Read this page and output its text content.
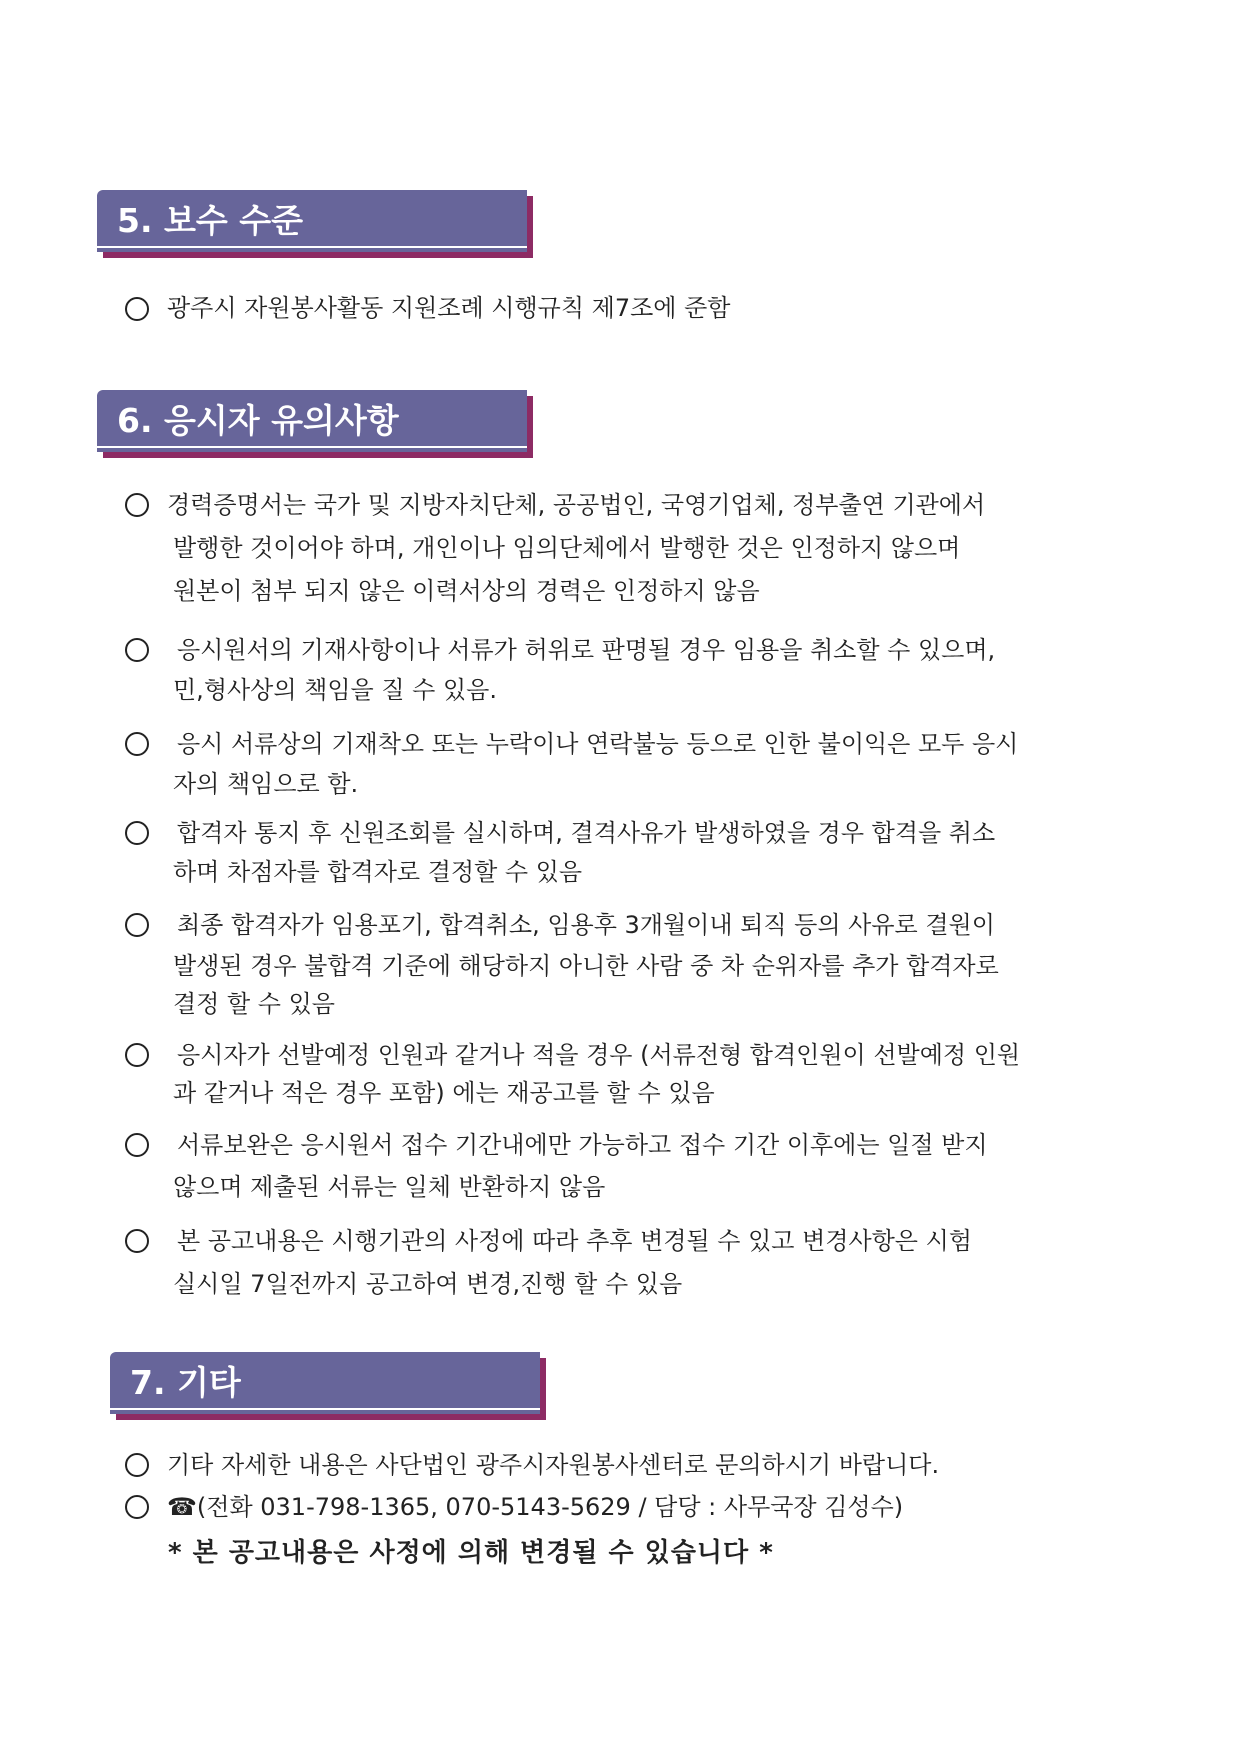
5. 보수 수준
광주시 자원봉사활동 지원조례 시행규칙 제7조에 준함
6. 응시자 유의사항
경력증명서는 국가 및 지방자치단체, 공공법인, 국영기업체, 정부출연 기관에서
발행한 것이어야 하며, 개인이나 임의단체에서 발행한 것은 인정하지 않으며
원본이 첨부 되지 않은 이력서상의 경력은 인정하지 않음
응시원서의 기재사항이나 서류가 허위로 판명될 경우 임용을 취소할 수 있으며,
민,형사상의 책임을 질 수 있음.
응시 서류상의 기재착오 또는 누락이나 연락불능 등으로 인한 불이익은 모두 응시
자의 책임으로 함.
합격자 통지 후 신원조회를 실시하며, 결격사유가 발생하였을 경우 합격을 취소
하며 차점자를 합격자로 결정할 수 있음
최종 합격자가 임용포기, 합격취소, 임용후 3개월이내 퇴직 등의 사유로 결원이
발생된 경우 불합격 기준에 해당하지 아니한 사람 중 차 순위자를 추가 합격자로
결정 할 수 있음
응시자가 선발예정 인원과 같거나 적을 경우 (서류전형 합격인원이 선발예정 인원
과 같거나 적은 경우 포함) 에는 재공고를 할 수 있음
서류보완은 응시원서 접수 기간내에만 가능하고 접수 기간 이후에는 일절 받지
않으며 제출된 서류는 일체 반환하지 않음
본 공고내용은 시행기관의 사정에 따라 추후 변경될 수 있고 변경사항은 시험
실시일 7일전까지 공고하여 변경,진행 할 수 있음
7. 기타
기타 자세한 내용은 사단법인 광주시자원봉사센터로 문의하시기 바랍니다.
☎(전화 031-798-1365, 070-5143-5629 / 담당 : 사무국장 김성수)
* 본 공고내용은 사정에 의해 변경될 수 있습니다 *
